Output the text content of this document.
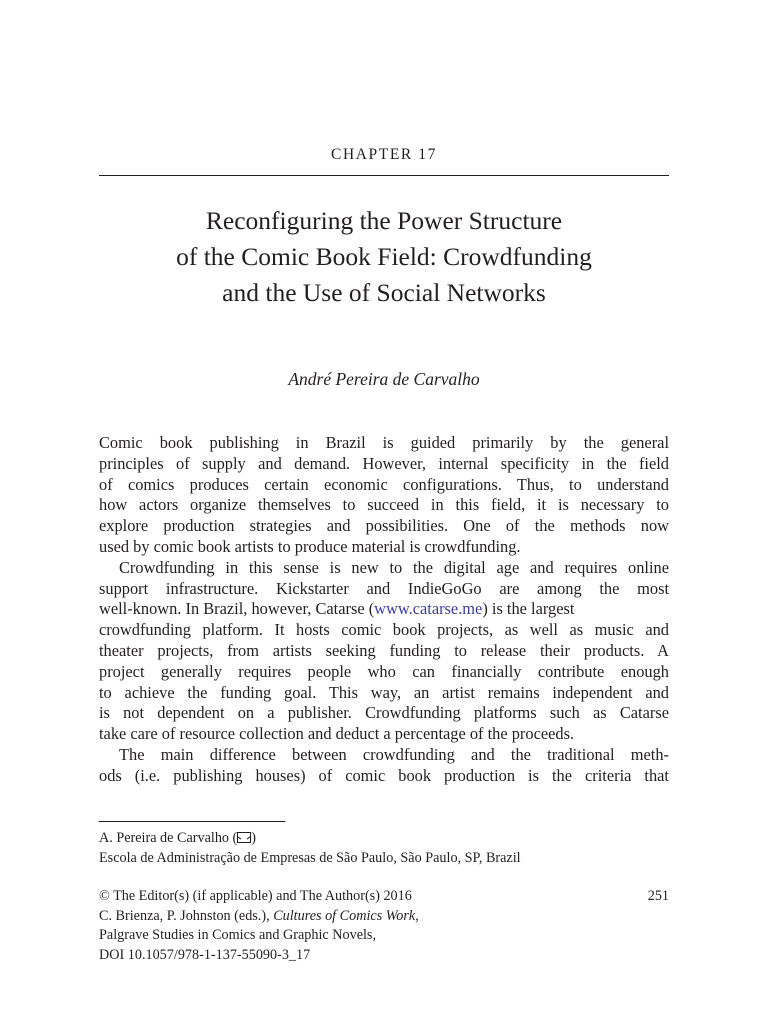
CHAPTER 17
Reconfiguring the Power Structure
of the Comic Book Field: Crowdfunding
and the Use of Social Networks
André Pereira de Carvalho
Comic book publishing in Brazil is guided primarily by the general
principles of supply and demand. However, internal specificity in the field
of comics produces certain economic configurations. Thus, to understand
how actors organize themselves to succeed in this field, it is necessary to
explore production strategies and possibilities. One of the methods now
used by comic book artists to produce material is crowdfunding.
Crowdfunding in this sense is new to the digital age and requires online
support infrastructure. Kickstarter and IndieGoGo are among the most
well-known. In Brazil, however, Catarse (www.catarse.me) is the largest
crowdfunding platform. It hosts comic book projects, as well as music and
theater projects, from artists seeking funding to release their products. A
project generally requires people who can financially contribute enough
to achieve the funding goal. This way, an artist remains independent and
is not dependent on a publisher. Crowdfunding platforms such as Catarse
take care of resource collection and deduct a percentage of the proceeds.
The main difference between crowdfunding and the traditional meth-
ods (i.e. publishing houses) of comic book production is the criteria that
A. Pereira de Carvalho ( )
Escola de Administração de Empresas de São Paulo, São Paulo, SP, Brazil
© The Editor(s) (if applicable) and The Author(s) 2016
C. Brienza, P. Johnston (eds.), Cultures of Comics Work,
Palgrave Studies in Comics and Graphic Novels,
DOI 10.1057/978-1-137-55090-3_17
251
